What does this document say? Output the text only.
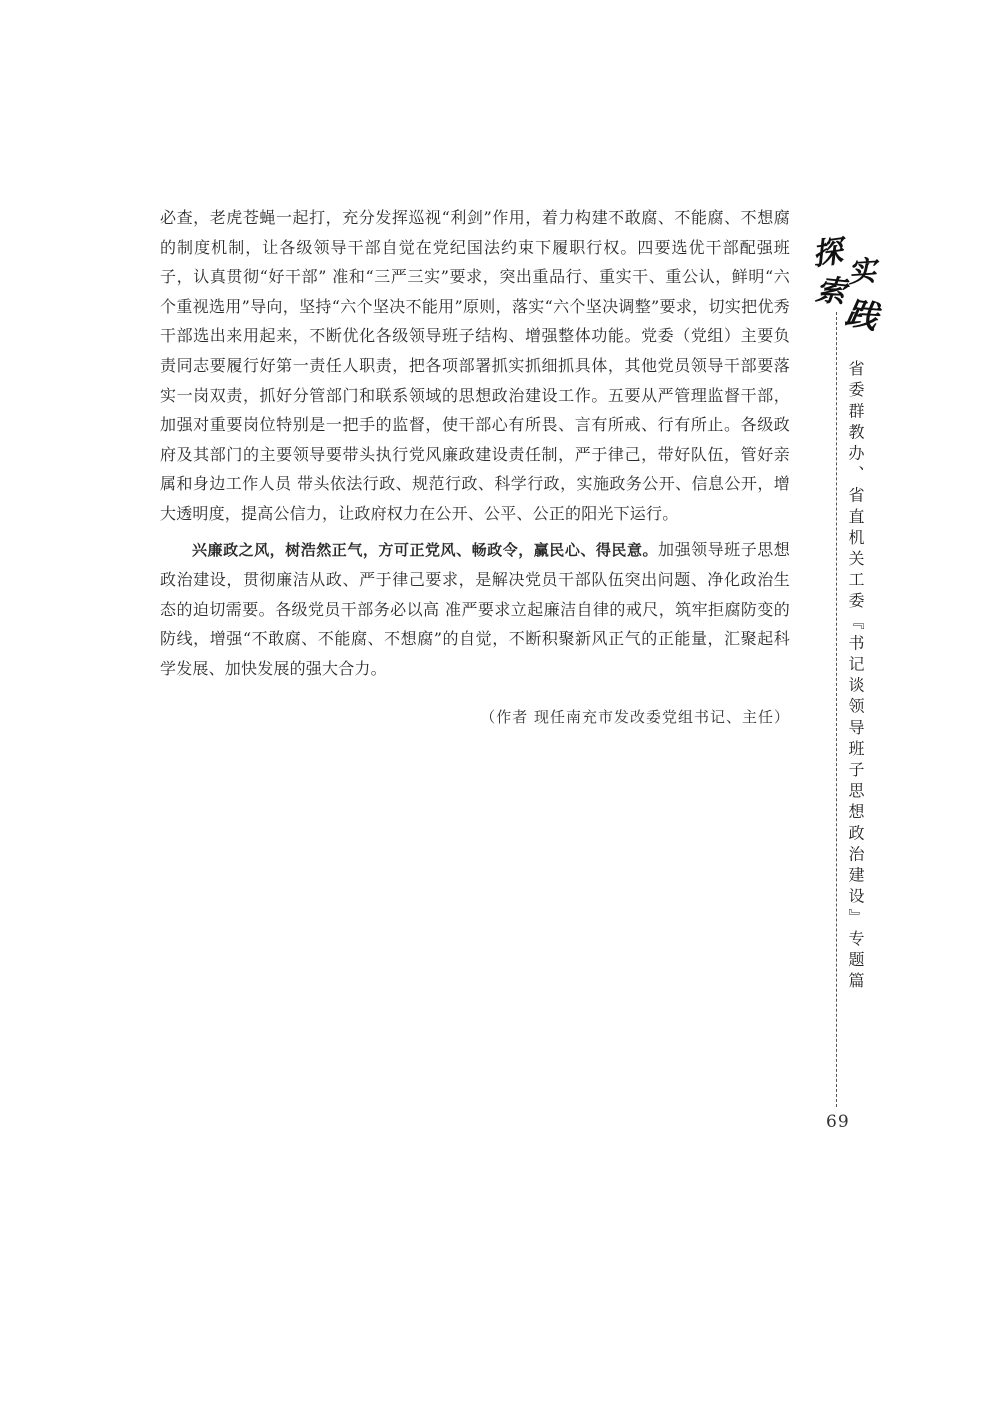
必查，老虎苍蝇一起打，充分发挥巡视“利剑”作用，着力构建不敢腐、不能腐、不想腐的制度机制，让各级领导干部自觉在党纪国法约束下履职行权。四要选优干部配强班子，认真贯彻“好干部” 准和“三严三实”要求，突出重品行、重实干、重公认，鲜明“六个重视选用”导向，坚持“六个坚决不能用”原则，落实“六个坚决调整”要求，切实把优秀干部选出来用起来，不断优化各级领导班子结构、增强整体功能。党委（党组）主要负责同志要履行好第一责任人职责，把各项部署抓实抓细抓具体，其他党员领导干部要落实一岗双责，抓好分管部门和联系领域的思想政治建设工作。五要从严管理监督干部，加强对重要岗位特别是一把手的监督，使干部心有所畏、言有所戒、行有所止。各级政府及其部门的主要领导要带头执行党风廉政建设责任制，严于律己，带好队伍，管好亲属和身边工作人员 带头依法行政、规范行政、科学行政，实施政务公开、信息公开，增大透明度，提高公信力，让政府权力在公开、公平、公正的阳光下运行。

兴廉政之风，树浩然正气，方可正党风、畅政令，赢民心、得民意。加强领导班子思想政治建设，贯彻廉洁从政、严于律己要求，是解决党员干部队伍突出问题、净化政治生态的迫切需要。各级党员干部务必以高 准严要求立起廉洁自律的戒尺，筑牢拒腐防变的防线，增强“不敢腐、不能腐、不想腐”的自觉，不断积聚新风正气的正能量，汇聚起科学发展、加快发展的强大合力。

（作者 现任南充市发改委党组书记、主任）
探
索
实
践
省委群教办、省直机关工委『书记谈领导班子思想政治建设』专题篇
69
